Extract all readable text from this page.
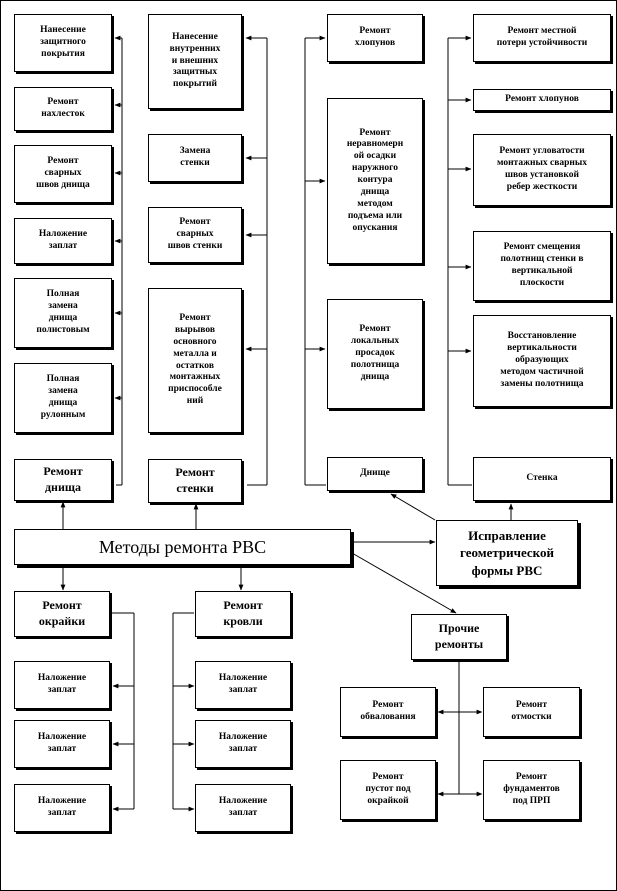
Нанесение
защитного
покрытия
Ремонт
нахлесток
Ремонт
сварных
швов днища
Наложение
заплат
Полная
замена
днища
полистовым
Полная
замена
днища
рулонным
Нанесение
внутренних
и внешних
защитных
покрытий
Замена
стенки
Ремонт
сварных
швов стенки
Ремонт
вырывов
основного
металла и
остатков
монтажных
приспособле
ний
Ремонт
хлопунов
Ремонт
неравномерн
ой осадки
наружного
контура
днища
методом
подъема или
опускания
Ремонт
локальных
просадок
полотнища
днища
Ремонт местной
потери устойчивости
Ремонт хлопунов
Ремонт угловатости
монтажных сварных
швов установкой
ребер жесткости
Ремонт смещения
полотнищ стенки в
вертикальной
плоскости
Восстановление
вертикальности
образующих
методом частичной
замены полотнища
Ремонт
днища
Ремонт
стенки
Днище	Стенка
Методы ремонта РВС
Исправление
геометрической
формы РВС
Ремонт
окрайки
Ремонт
кровли
Прочие
ремонты
Наложение
заплат
Наложение
заплат
Наложение
заплат
Наложение
заплат
Наложение
заплат
Наложение
заплат
Ремонт
обвалования
Ремонт
отмостки
Ремонт
пустот под
окрайкой
Ремонт
фундаментов
под ПРП
